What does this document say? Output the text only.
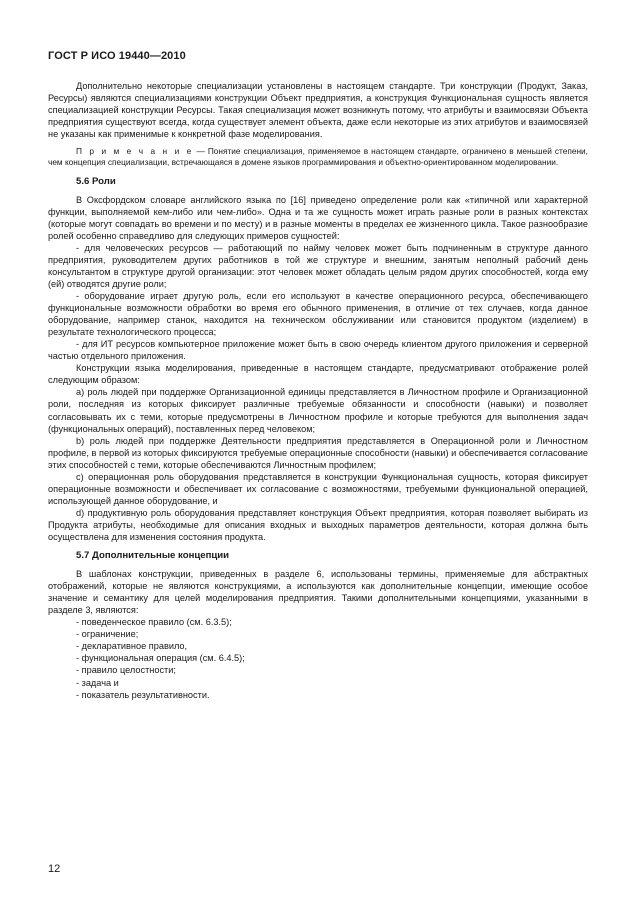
ГОСТ Р ИСО 19440—2010

Дополнительно некоторые специализации установлены в настоящем стандарте. Три конструкции (Продукт, Заказ, Ресурсы) являются специализациями конструкции Объект предприятия, а конструкция Функциональная сущность является специализацией конструкции Ресурсы. Такая специализация может возникнуть потому, что атрибуты и взаимосвязи Объекта предприятия существуют всегда, когда существует элемент объекта, даже если некоторые из этих атрибутов и взаимосвязей не указаны как применимые к конкретной фазе моделирования.

П р и м е ч а н и е — Понятие специализация, применяемое в настоящем стандарте, ограничено в меньшей степени, чем концепция специализации, встречающаяся в домене языков программирования и объектно-ориентированном моделировании.

5.6 Роли

В Оксфордском словаре английского языка по [16] приведено определение роли как «типичной или характерной функции, выполняемой кем-либо или чем-либо». Одна и та же сущность может играть разные роли в разных контекстах (которые могут совпадать во времени и по месту) и в разные моменты в пределах ее жизненного цикла. Такое разнообразие ролей особенно справедливо для следующих примеров сущностей:

- для человеческих ресурсов — работающий по найму человек может быть подчиненным в структуре данного предприятия, руководителем других работников в той же структуре и внешним, занятым неполный рабочий день консультантом в структуре другой организации: этот человек может обладать целым рядом других способностей, когда ему (ей) отводятся другие роли;

- оборудование играет другую роль, если его используют в качестве операционного ресурса, обеспечивающего функциональные возможности обработки во время его обычного применения, в отличие от тех случаев, когда данное оборудование, например станок, находится на техническом обслуживании или становится продуктом (изделием) в результате технологического процесса;

- для ИТ ресурсов компьютерное приложение может быть в свою очередь клиентом другого приложения и серверной частью отдельного приложения.

Конструкции языка моделирования, приведенные в настоящем стандарте, предусматривают отображение ролей следующим образом:

а) роль людей при поддержке Организационной единицы представляется в Личностном профиле и Организационной роли, последняя из которых фиксирует различные требуемые обязанности и способности (навыки) и позволяет согласовывать их с теми, которые предусмотрены в Личностном профиле и которые требуются для выполнения задач (функциональных операций), поставленных перед человеком;

b) роль людей при поддержке Деятельности предприятия представляется в Операционной роли и Личностном профиле, в первой из которых фиксируются требуемые операционные способности (навыки) и обеспечивается согласование этих способностей с теми, которые обеспечиваются Личностным профилем;

c) операционная роль оборудования представляется в конструкции Функциональная сущность, которая фиксирует операционные возможности и обеспечивает их согласование с возможностями, требуемыми функциональной операцией, использующей данное оборудование, и

d) продуктивную роль оборудования представляет конструкция Объект предприятия, которая позволяет выбирать из Продукта атрибуты, необходимые для описания входных и выходных параметров деятельности, которая должна быть осуществлена для изменения состояния продукта.

5.7 Дополнительные концепции

В шаблонах конструкции, приведенных в разделе 6, использованы термины, применяемые для абстрактных отображений, которые не являются конструкциями, а используются как дополнительные концепции, имеющие особое значение и семантику для целей моделирования предприятия. Такими дополнительными концепциями, указанными в разделе 3, являются:

- поведенческое правило (см. 6.3.5);

- ограничение;

- декларативное правило,

- функциональная операция (см. 6.4.5);

- правило целостности;

- задача и

- показатель результативности.

12
